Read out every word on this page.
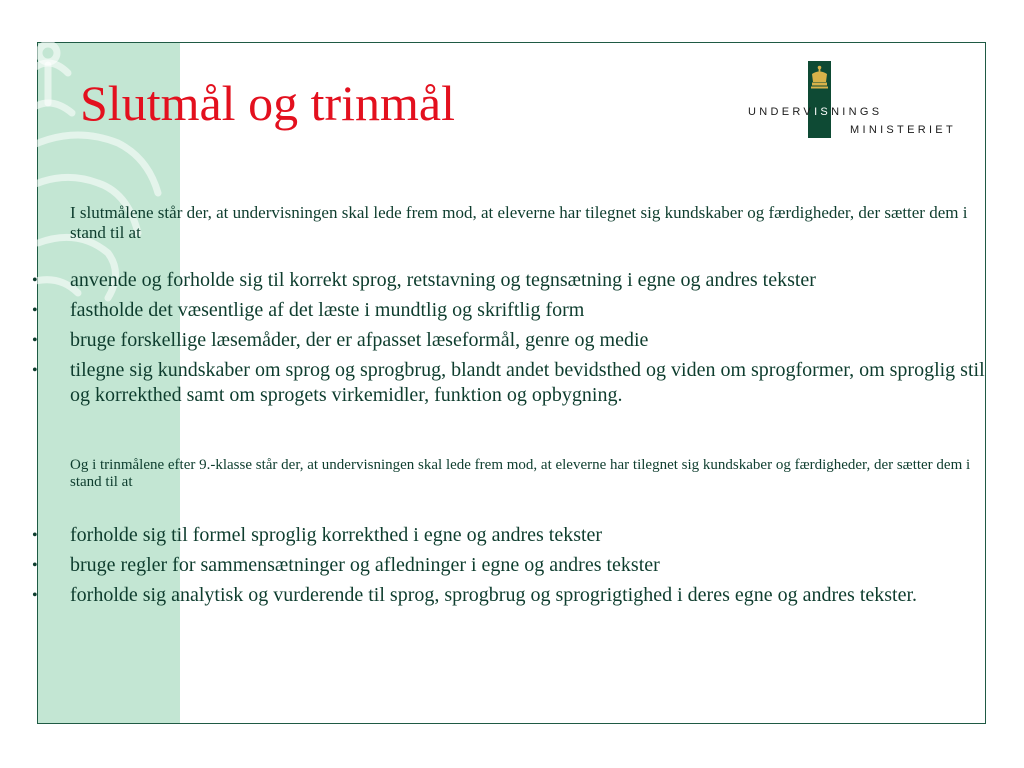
Slutmål og trinmål	UNDERVISNINGS
MINISTERIET

I slutmålene står der, at undervisningen skal lede frem mod, at eleverne har tilegnet sig kundskaber og færdigheder, der sætter dem i stand til at

• anvende og forholde sig til korrekt sprog, retstavning og tegnsætning i egne og andres tekster
• fastholde det væsentlige af det læste i mundtlig og skriftlig form
• bruge forskellige læsemåder, der er afpasset læseformål, genre og medie
• tilegne sig kundskaber om sprog og sprogbrug, blandt andet bevidsthed og viden om sprogformer, om sproglig stil og korrekthed samt om sprogets virkemidler, funktion og opbygning.

Og i trinmålene efter 9.-klasse står der, at undervisningen skal lede frem mod, at eleverne har tilegnet sig kundskaber og færdigheder, der sætter dem i stand til at

• forholde sig til formel sproglig korrekthed i egne og andres tekster
• bruge regler for sammensætninger og afledninger i egne og andres tekster
• forholde sig analytisk og vurderende til sprog, sprogbrug og sprogrigtighed i deres egne og andres tekster.
